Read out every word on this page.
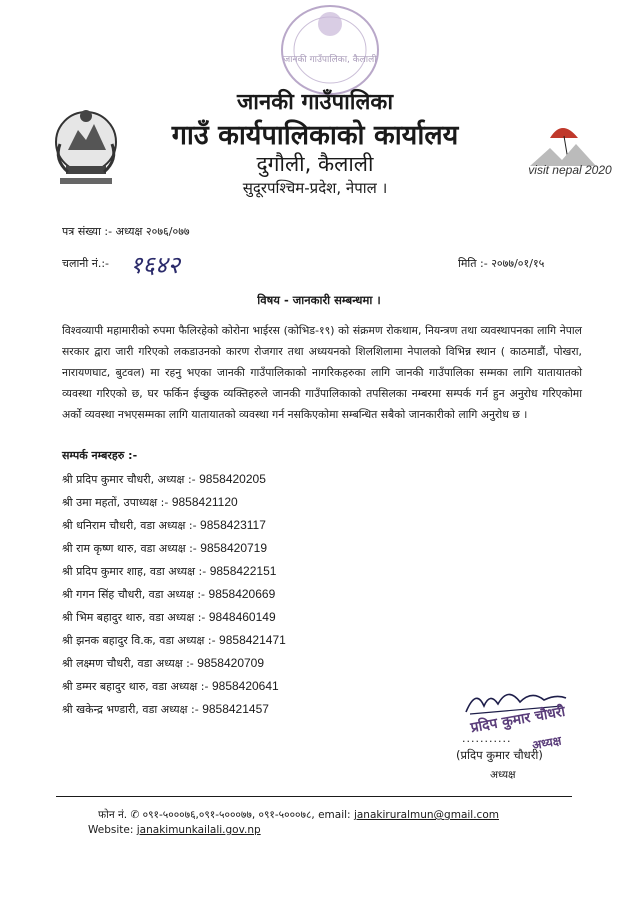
जानकी गाउँपालिका, कैलाली
visit nepal 2020
जानकी गाउँपालिका
गाउँ कार्यपालिकाको कार्यालय
दुगौली, कैलाली
सुदूरपश्चिम-प्रदेश, नेपाल ।
पत्र संख्या :- अध्यक्ष २०७६/०७७
चलानी नं.:- १६४२	मिति :- २०७७/०१/१५
विषय - जानकारी सम्बन्धमा ।
विश्वव्यापी महामारीको रुपमा फैलिरहेको कोरोना भाईरस (कोभिड-१९) को संक्रमण रोकथाम, नियन्त्रण तथा व्यवस्थापनका लागि नेपाल सरकार द्वारा जारी गरिएको लकडाउनको कारण रोजगार तथा अध्ययनको शिलशिलामा नेपालको विभिन्न स्थान ( काठमाडौं, पोखरा, नारायणघाट, बुटवल) मा रहनु भएका जानकी गाउँपालिकाको नागरिकहरुका लागि जानकी गाउँपालिका सम्मका लागि यातायातको व्यवस्था गरिएको छ, घर फर्किन ईच्छुक व्यक्तिहरुले जानकी गाउँपालिकाको तपसिलका नम्बरमा सम्पर्क गर्न हुन अनुरोध गरिएकोमा अर्को व्यवस्था नभएसम्मका लागि यातायातको व्यवस्था गर्न नसकिएकोमा सम्बन्धित सबैको जानकारीको लागि अनुरोध छ ।
सम्पर्क नम्बरहरु :-
श्री प्रदिप कुमार चौधरी, अध्यक्ष :- 9858420205
श्री उमा महतों, उपाध्यक्ष :- 9858421120
श्री धनिराम चौधरी, वडा अध्यक्ष :- 9858423117
श्री राम कृष्ण थारु, वडा अध्यक्ष :- 9858420719
श्री प्रदिप कुमार शाह, वडा अध्यक्ष :- 9858422151
श्री गगन सिंह चौधरी, वडा अध्यक्ष :- 9858420669
श्री भिम बहादुर थारु, वडा अध्यक्ष :- 9848460149
श्री झनक बहादुर वि.क, वडा अध्यक्ष :- 9858421471
श्री लक्ष्मण चौधरी, वडा अध्यक्ष :- 9858420709
श्री डम्मर बहादुर थारु, वडा अध्यक्ष :- 9858420641
श्री खकेन्द्र भण्डारी, वडा अध्यक्ष :- 9858421457	प्रदिप कुमार चौधरी
अध्यक्ष
...........
(प्रदिप कुमार चौधरी)
अध्यक्ष
फोन नं. ✆ ०९१-५०००७६,०९१-५०००७७, ०९१-५०००७८, email: janakiruralmun@gmail.com
Website: janakimunkailali.gov.np
